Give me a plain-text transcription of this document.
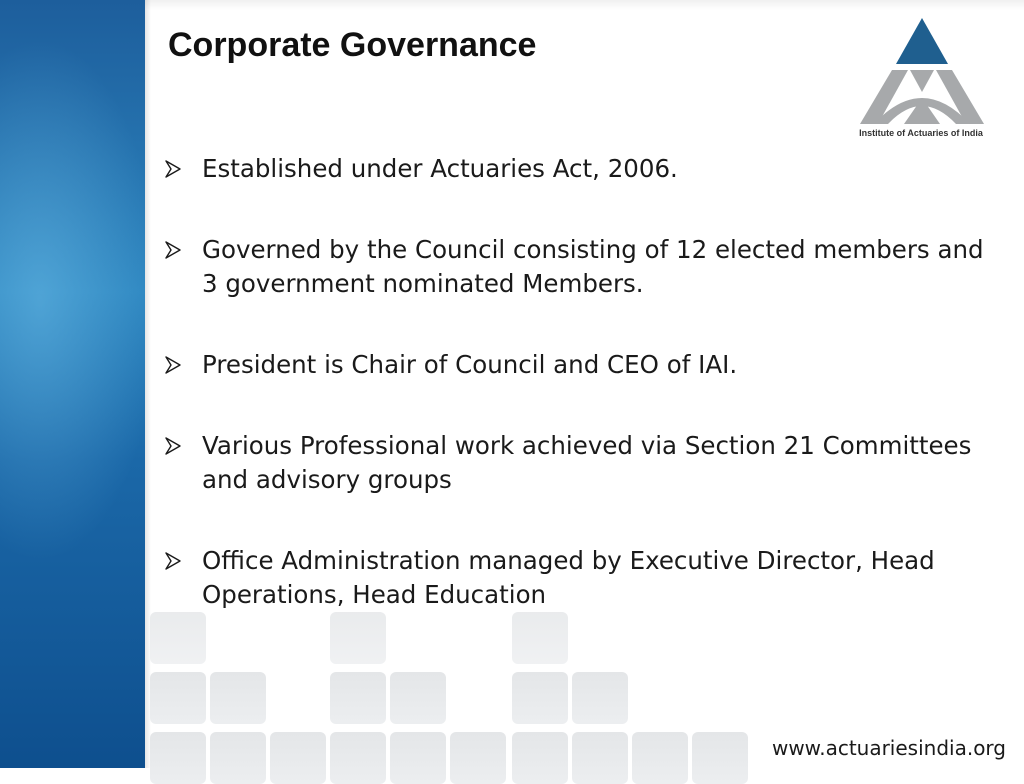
Corporate Governance
Institute of Actuaries of India
Established under Actuaries Act, 2006.
Governed by the Council consisting of 12 elected members and 3 government nominated Members.
President is Chair of Council and CEO of IAI.
Various Professional work achieved via Section 21 Committees and advisory groups
Office Administration managed by Executive Director, Head Operations, Head Education
www.actuariesindia.org
